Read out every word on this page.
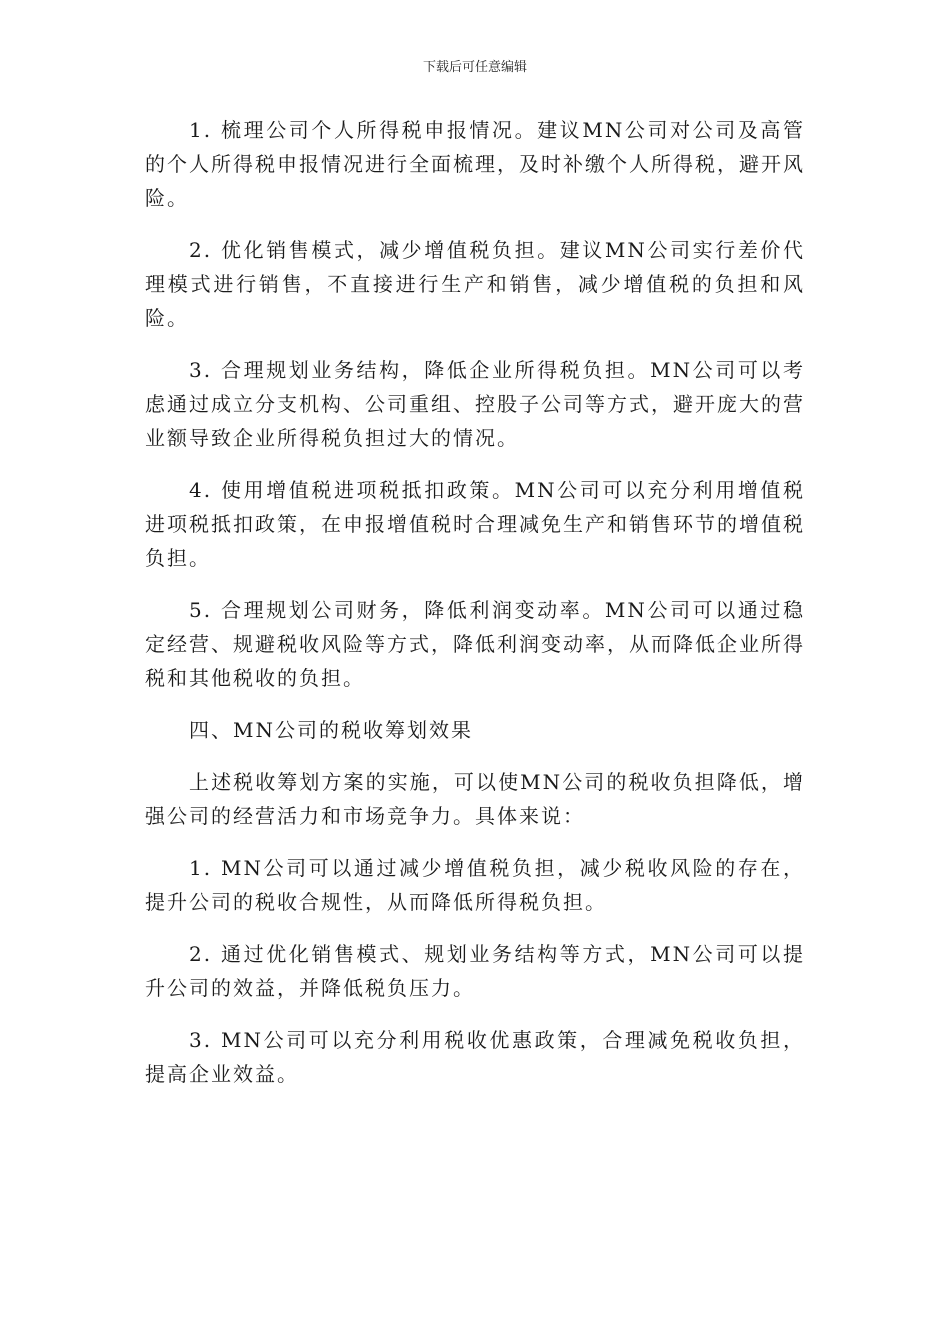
下载后可任意编辑

1. 梳理公司个人所得税申报情况。建议MN公司对公司及高管的个人所得税申报情况进行全面梳理，及时补缴个人所得税，避开风险。

2. 优化销售模式，减少增值税负担。建议MN公司实行差价代理模式进行销售，不直接进行生产和销售，减少增值税的负担和风险。

3. 合理规划业务结构，降低企业所得税负担。MN公司可以考虑通过成立分支机构、公司重组、控股子公司等方式，避开庞大的营业额导致企业所得税负担过大的情况。

4. 使用增值税进项税抵扣政策。MN公司可以充分利用增值税进项税抵扣政策，在申报增值税时合理减免生产和销售环节的增值税负担。

5. 合理规划公司财务，降低利润变动率。MN公司可以通过稳定经营、规避税收风险等方式，降低利润变动率，从而降低企业所得税和其他税收的负担。

四、MN公司的税收筹划效果

上述税收筹划方案的实施，可以使MN公司的税收负担降低，增强公司的经营活力和市场竞争力。具体来说：

1. MN公司可以通过减少增值税负担，减少税收风险的存在，提升公司的税收合规性，从而降低所得税负担。

2. 通过优化销售模式、规划业务结构等方式，MN公司可以提升公司的效益，并降低税负压力。

3. MN公司可以充分利用税收优惠政策，合理减免税收负担，提高企业效益。
